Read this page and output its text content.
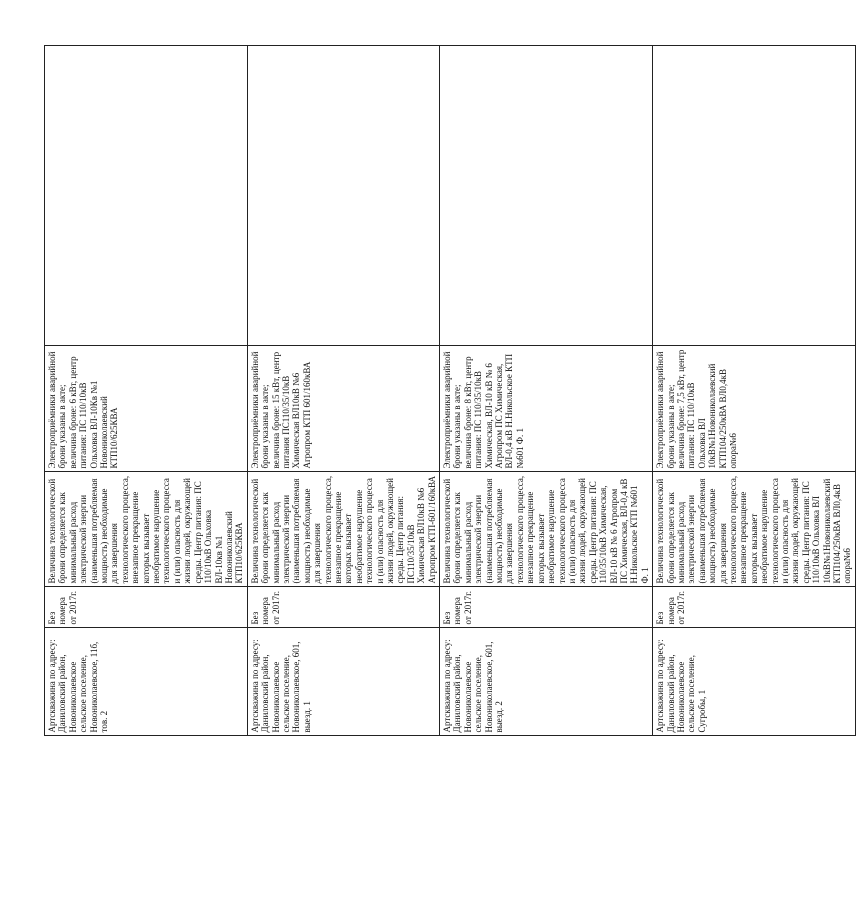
	Артскважина по адресу: Даниловский район, Новониколаевское сельское поселение, Новониколаевское, 11б, тов. 2	Без номера от 2017г.	Величина технологической брони определяется как минимальный расход электрической энергии (наименьшая потребляемая мощность) необходимые для завершения технологического процесса, внезапное прекращение которых вызывает необратимое нарушение технологического процесса и (или) опасность для жизни людей, окружающей среды. Центр питания: ПС 110/10кВ Ольховка ВЛ-10кв №1 Новониколаевский КТП10/625КВА	Электроприёмники аварийной брони указаны в акте; величина броне: 6 кВт, центр питания: ПС 110/10кВ Ольховка ВЛ-10Кв №1 Новониколаевский КТП10/625КВА	
	Артскважина по адресу: Даниловский район, Новониколаевское сельское поселение, Новониколаевское, 601, выезд. 1	Без номера от 2017г.	Величина технологической брони определяется как минимальный расход электрической энергии (наименьшая потребляемая мощность) необходимые для завершения технологического процесса, внезапное прекращение которых вызывает необратимое нарушение технологического процесса и (или) опасность для жизни людей, окружающей среды. Центр питания: ПС110/35/10кВ Химическая ВЛ10кВ №6 Агропром КТП-601/160кВА	Электроприёмники аварийной брони указаны в акте; величина броне: 15 кВт, центр питания ПС110/35/10кВ Химическая ВЛ10кВ №6 Агропром КТП 601/160кВА	
	Артскважина по адресу: Даниловский район, Новониколаевское сельское поселение, Новониколаевское, 601, выезд. 2	Без номера от 2017г.	Величина технологической брони определяется как минимальный расход электрической энергии (наименьшая потребляемая мощность) необходимые для завершения технологического процесса, внезапное прекращение которых вызывает необратимое нарушение технологического процесса и (или) опасность для жизни людей, окружающей среды. Центр питания: ПС 110/35/10кВ Химическая, ВЛ-10 кВ № 6 Агропром ПС Химическая, ВЛ-0,4 кВ Н.Никольское КТП №601 Ф. 1	Электроприёмники аварийной брони указаны в акте; величина броне: 8 кВт, центр питания: ПС 110/35/10кВ Химическая, ВЛ-10 кВ № 6 Агропром ПС Химическая, ВЛ-0,4 кВ Н.Никольское КТП №601 Ф. 1	
	Артскважина по адресу: Даниловский район, Новониколаевское сельское поселение, Сугробы, 1	Без номера от 2017г.	Величина технологической брони определяется как минимальный расход электрической энергии (наименьшая потребляемая мощность) необходимые для завершения технологического процесса, внезапное прекращение которых вызывает необратимое нарушение технологического процесса и (или) опасность для жизни людей, окружающей среды. Центр питания: ПС 110/10кВ Ольховка ВЛ 10кВ№1Новониколаевский КТП104/250кВА ВЛ0,4кВ опора№6	Электроприёмники аварийной брони указаны в акте; величина броне: 7,5 кВт, центр питания: ПС 110/10кВ Ольховка ВЛ 10кВ№1Новониколаевский КТП104/250кВА ВЛ0,4кВ опора№6	
